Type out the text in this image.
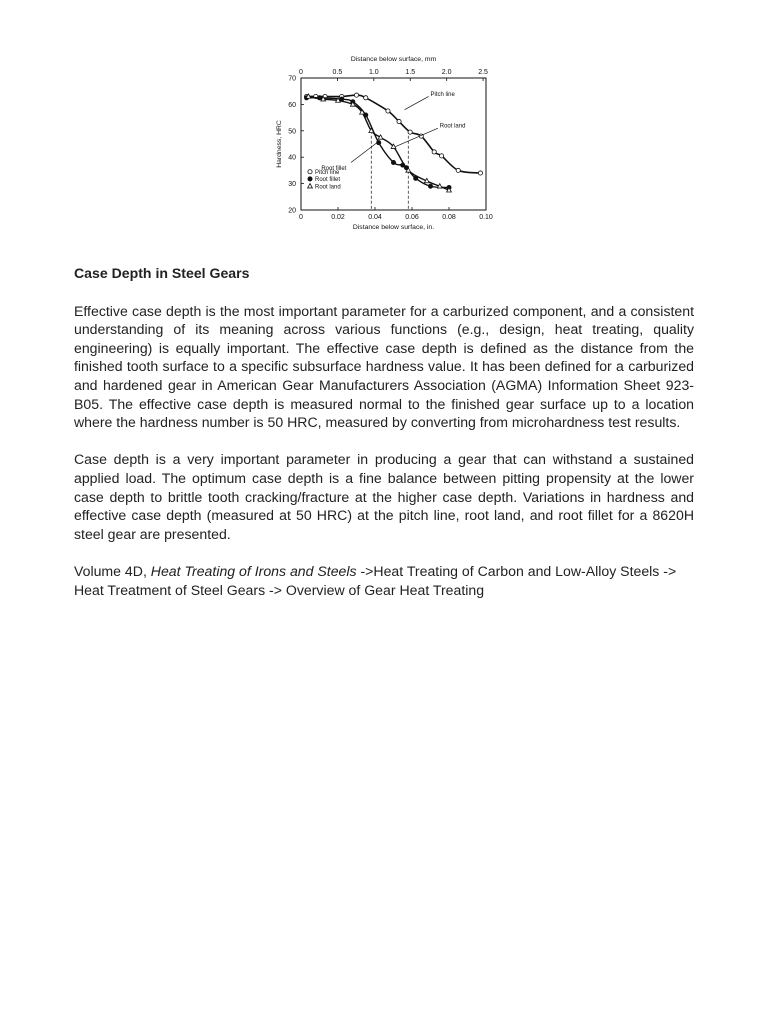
20
30
40
50
60
70
0	0.02	0.04	0.06	0.08	0.10
0	0.5	1.0	1.5	2.0	2.5
Distance below surface, mm
Distance below surface, in.
Hardness, HRC
Pitch line
Root land
Root fillet
Pitch line
Root fillet
Root land
Case Depth in Steel Gears

Effective case depth is the most important parameter for a carburized component, and a consistent understanding of its meaning across various functions (e.g., design, heat treating, quality engineering) is equally important. The effective case depth is defined as the distance from the finished tooth surface to a specific subsurface hardness value. It has been defined for a carburized and hardened gear in American Gear Manufacturers Association (AGMA) Information Sheet 923-B05. The effective case depth is measured normal to the finished gear surface up to a location where the hardness number is 50 HRC, measured by converting from microhardness test results.

Case depth is a very important parameter in producing a gear that can withstand a sustained applied load. The optimum case depth is a fine balance between pitting propensity at the lower case depth to brittle tooth cracking/fracture at the higher case depth. Variations in hardness and effective case depth (measured at 50 HRC) at the pitch line, root land, and root fillet for a 8620H steel gear are presented.

Volume 4D, Heat Treating of Irons and Steels ->Heat Treating of Carbon and Low-Alloy Steels -> Heat Treatment of Steel Gears -> Overview of Gear Heat Treating
